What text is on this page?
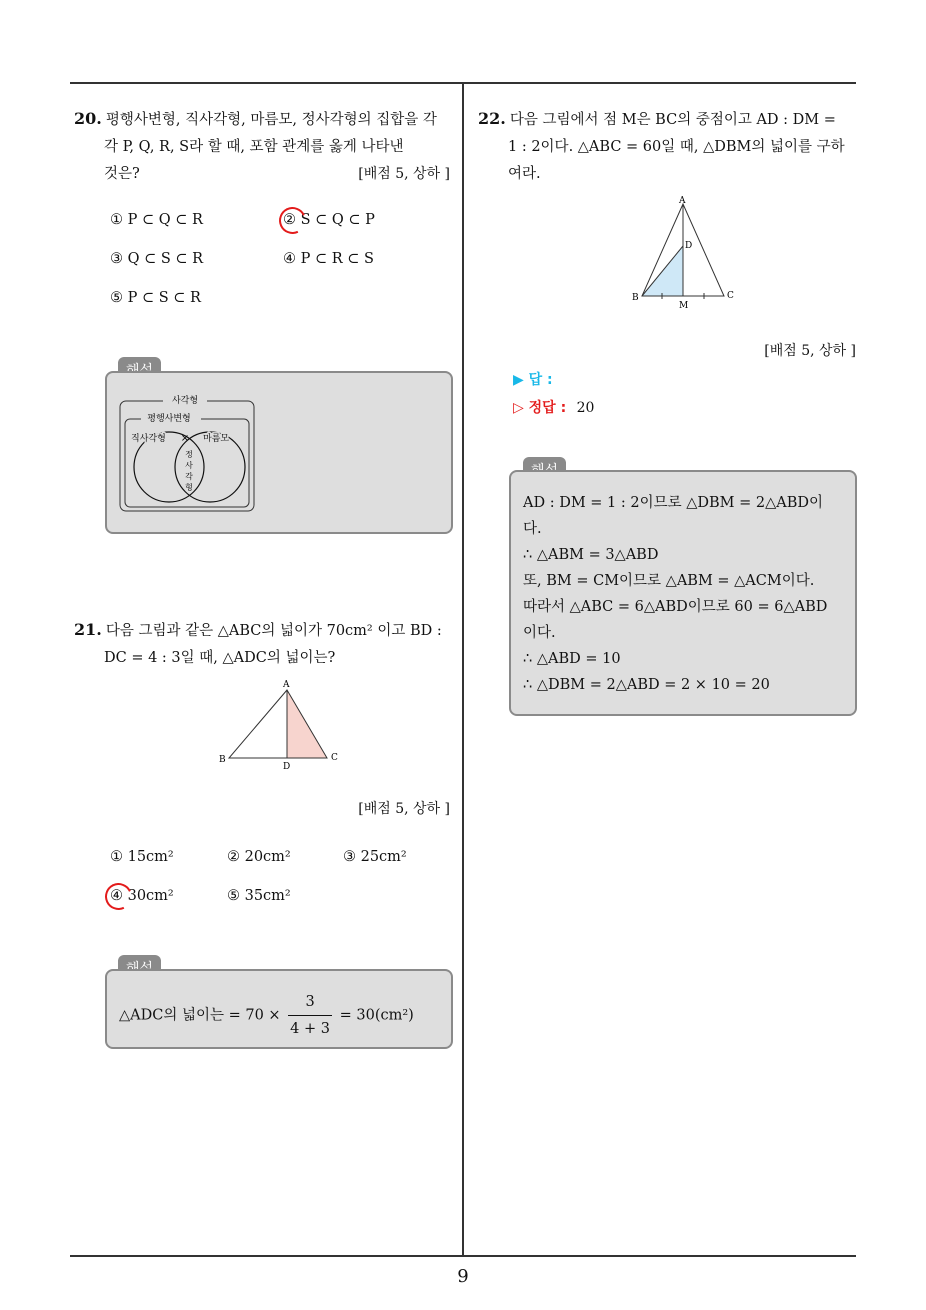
20. 평행사변형, 직사각형, 마름모, 정사각형의 집합을 각
각 P, Q, R, S라 할 때, 포함 관계를 옳게 나타낸
것은?	[배점 5, 상하 ]
① P ⊂ Q ⊂ R	② S ⊂ Q ⊂ P
③ Q ⊂ S ⊂ R	④ P ⊂ R ⊂ S
⑤ P ⊂ S ⊂ R
사각형
평행사변형
직사각형	마름모
×
정
사
각
형
21. 다음 그림과 같은 △ABC의 넓이가 70cm² 이고 BD :
DC = 4 : 3일 때, △ADC의 넓이는?
A
B	C
D
[배점 5, 상하 ]
① 15cm²	② 20cm²	③ 25cm²
④ 30cm²	⑤ 35cm²
△ADC의 넓이는 = $70 \times \frac{3}{4 + 3} = 30(cm^2)$
22. 다음 그림에서 점 M은 BC의 중점이고 AD : DM =
1 : 2이다. △ABC = 60일 때, △DBM의 넓이를 구하
여라.
A
D
B	C
M
[배점 5, 상하 ]
▶ 답 :
▷ 정답 : 20
AD : DM = 1 : 2이므로 △DBM = 2△ABD이
다.
∴ △ABM = 3△ABD
또, BM = CM이므로 △ABM = △ACM이다.
따라서 △ABC = 6△ABD이므로 60 = 6△ABD
이다.
∴ △ABD = 10
∴ △DBM = 2△ABD = 2 × 10 = 20
9
